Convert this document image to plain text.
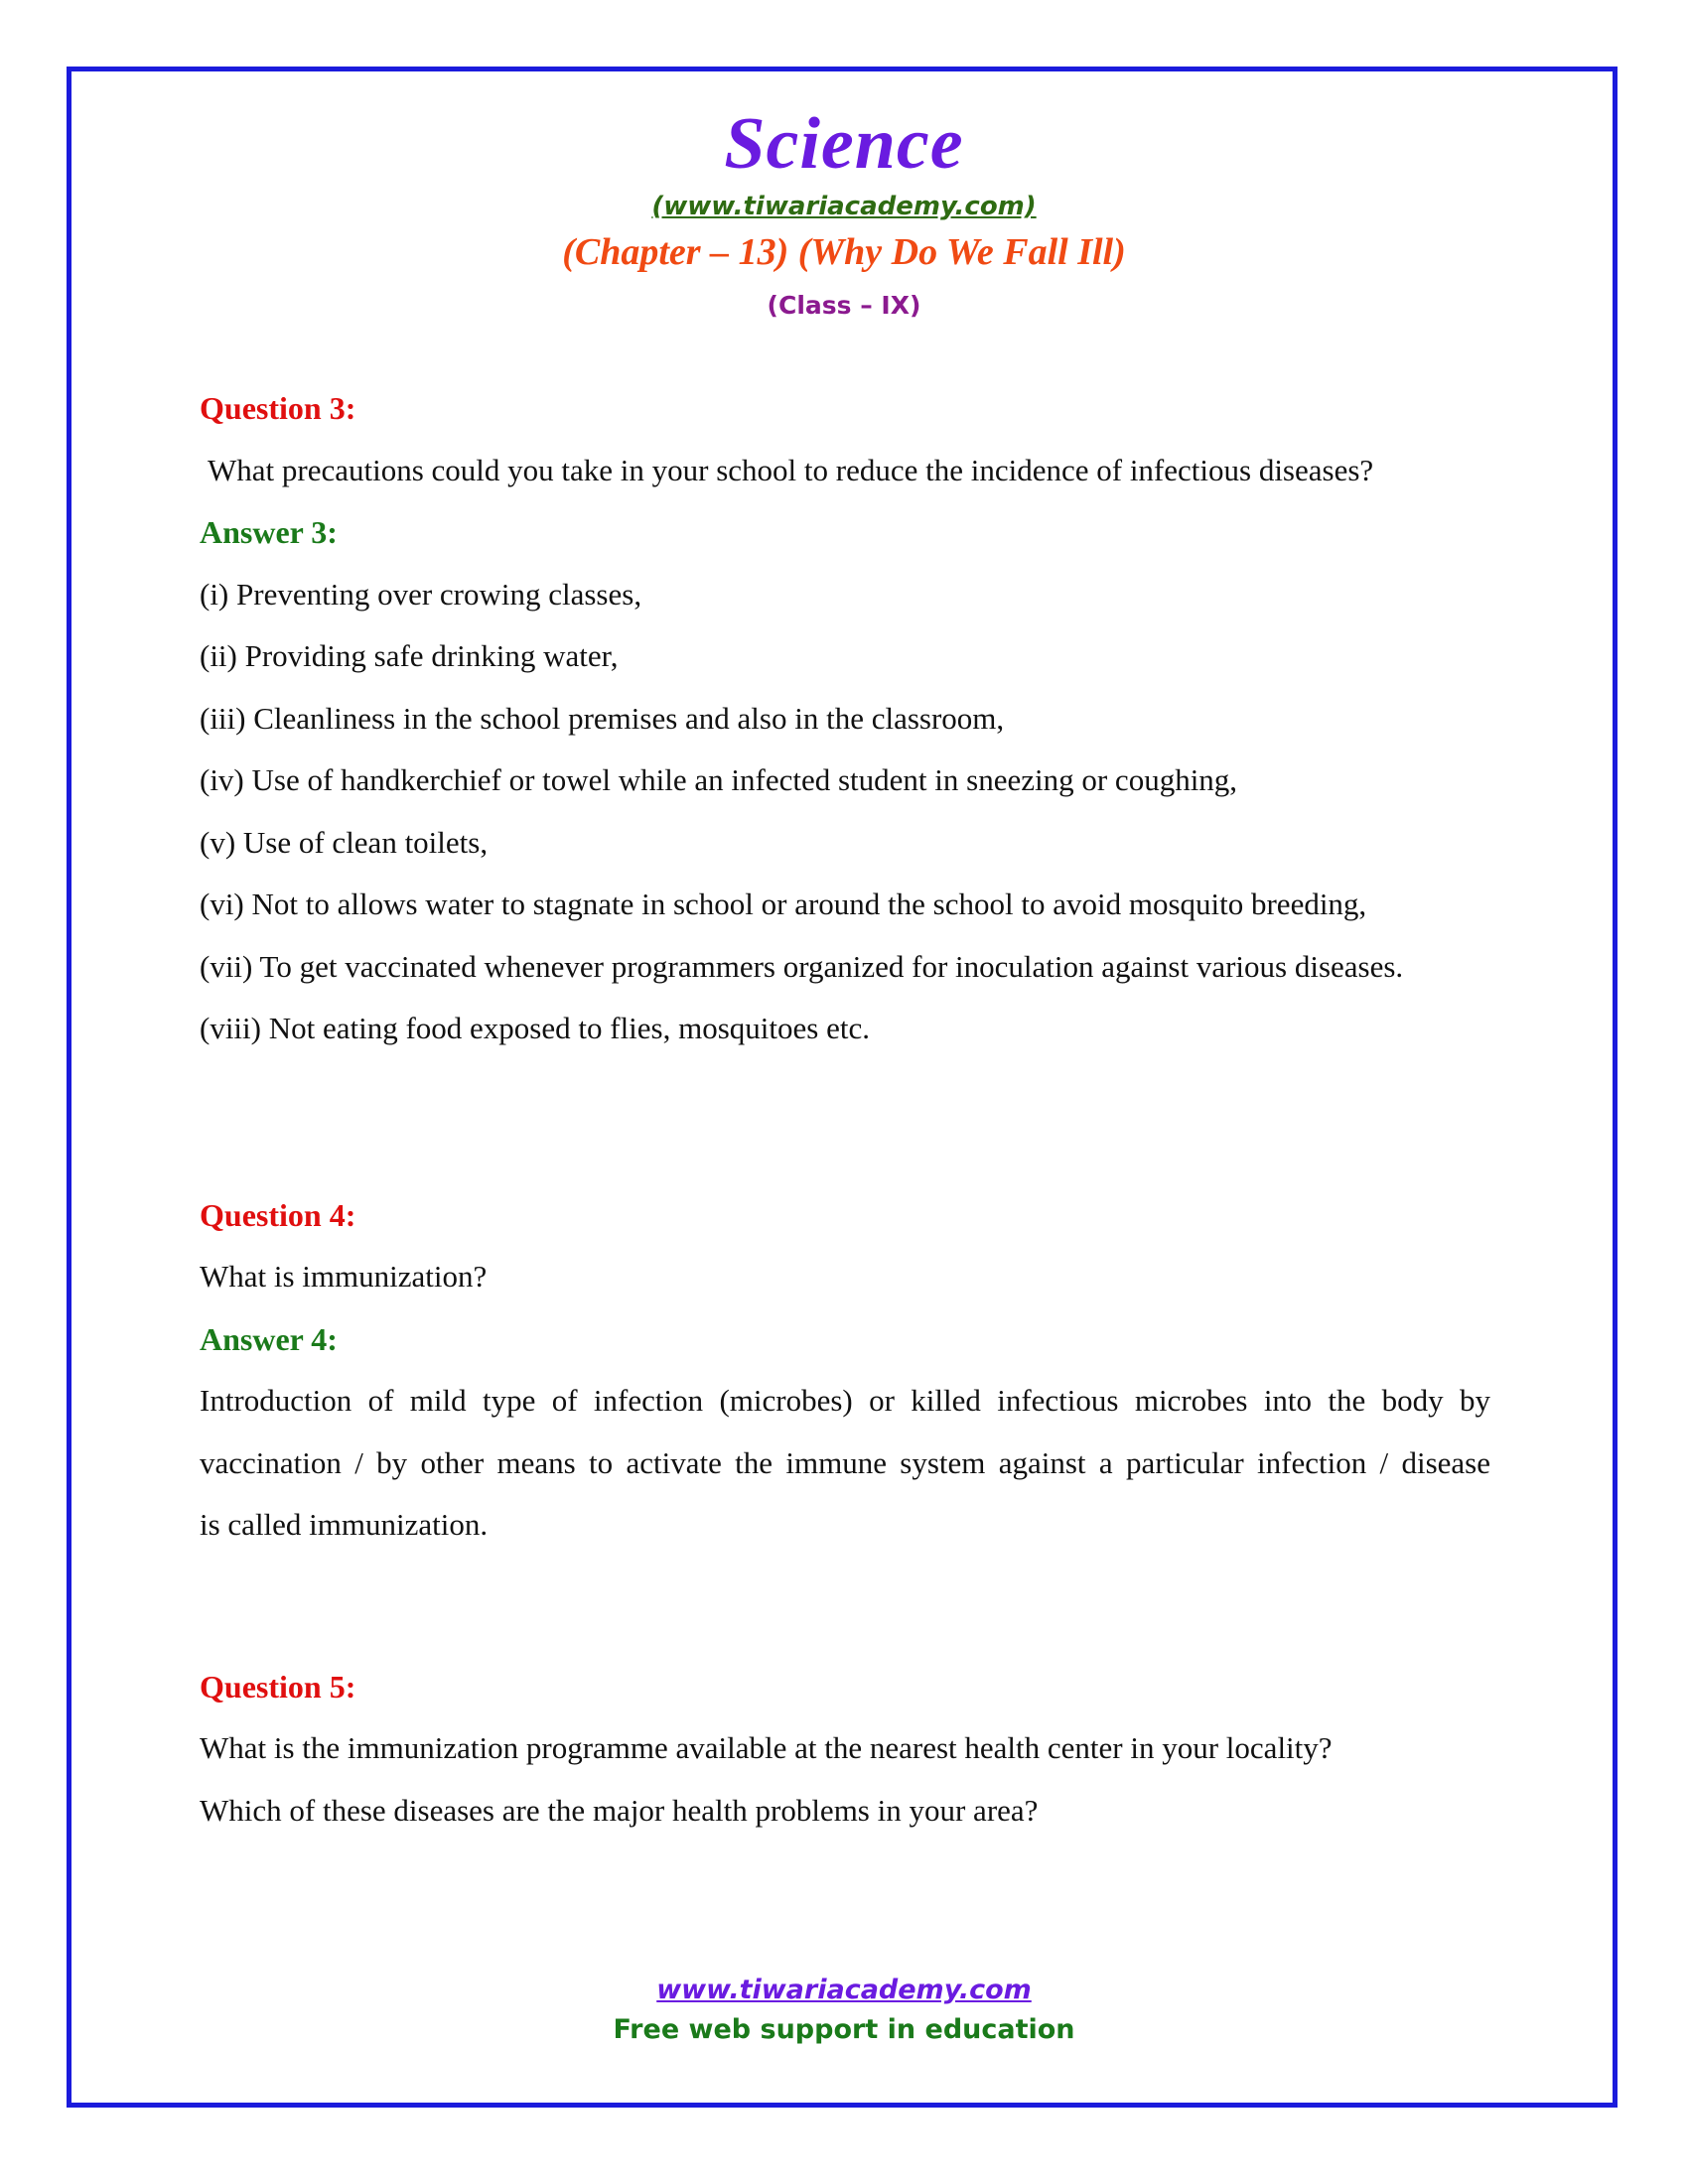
Science
(www.tiwariacademy.com)
(Chapter – 13) (Why Do We Fall Ill)
(Class – IX)
Question 3:
What precautions could you take in your school to reduce the incidence of infectious diseases?
Answer 3:
(i) Preventing over crowing classes,
(ii) Providing safe drinking water,
(iii) Cleanliness in the school premises and also in the classroom,
(iv) Use of handkerchief or towel while an infected student in sneezing or coughing,
(v) Use of clean toilets,
(vi) Not to allows water to stagnate in school or around the school to avoid mosquito breeding,
(vii) To get vaccinated whenever programmers organized for inoculation against various diseases.
(viii) Not eating food exposed to flies, mosquitoes etc.
Question 4:
What is immunization?
Answer 4:
Introduction of mild type of infection (microbes) or killed infectious microbes into the body by
vaccination / by other means to activate the immune system against a particular infection / disease
is called immunization.
Question 5:
What is the immunization programme available at the nearest health center in your locality?
Which of these diseases are the major health problems in your area?
www.tiwariacademy.com
Free web support in education
